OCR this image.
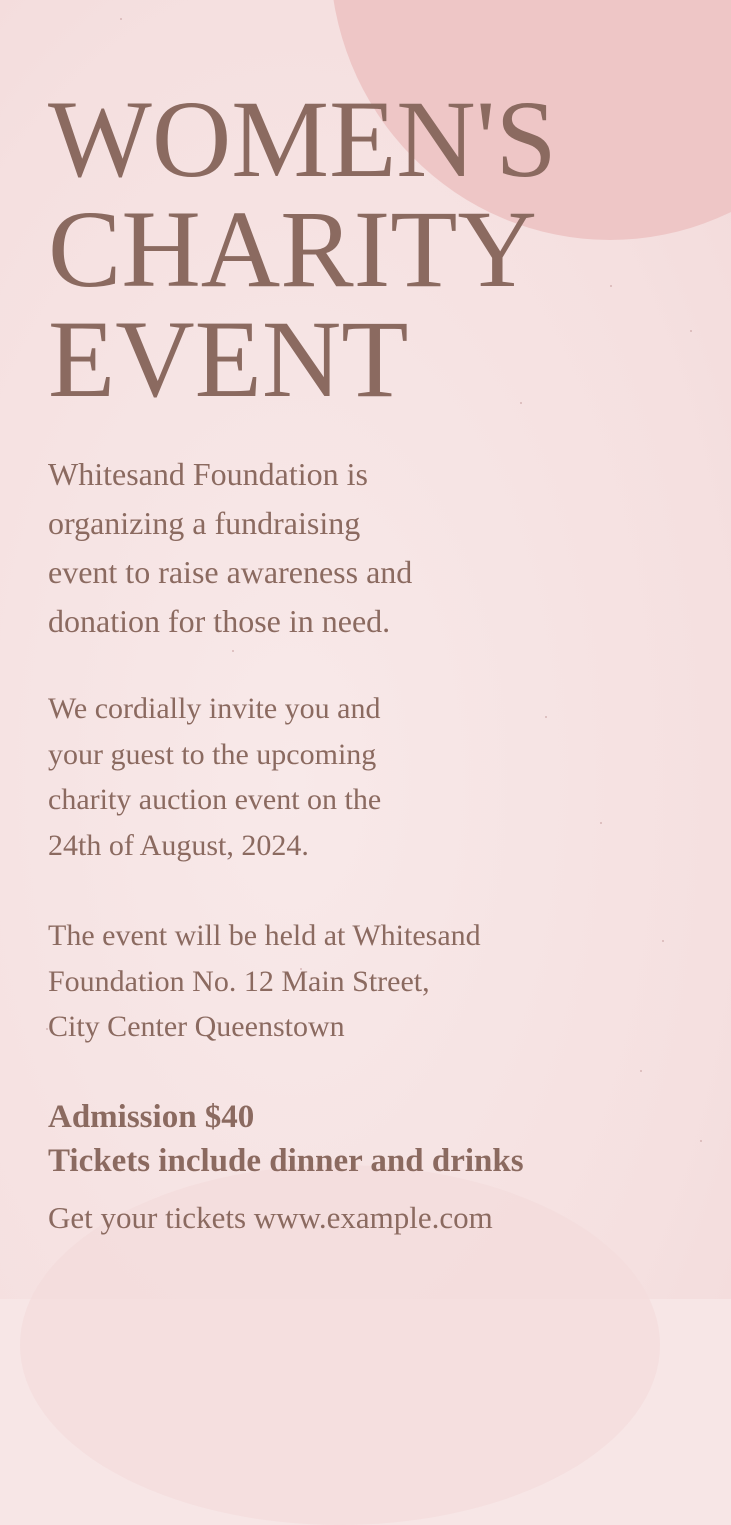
WOMEN'S
CHARITY
EVENT

Whitesand Foundation is
organizing a fundraising
event to raise awareness and
donation for those in need.

We cordially invite you and
your guest to the upcoming
charity auction event on the
24th of August, 2024.

The event will be held at Whitesand
Foundation No. 12 Main Street,
City Center Queenstown

Admission $40
Tickets include dinner and drinks

Get your tickets www.example.com
